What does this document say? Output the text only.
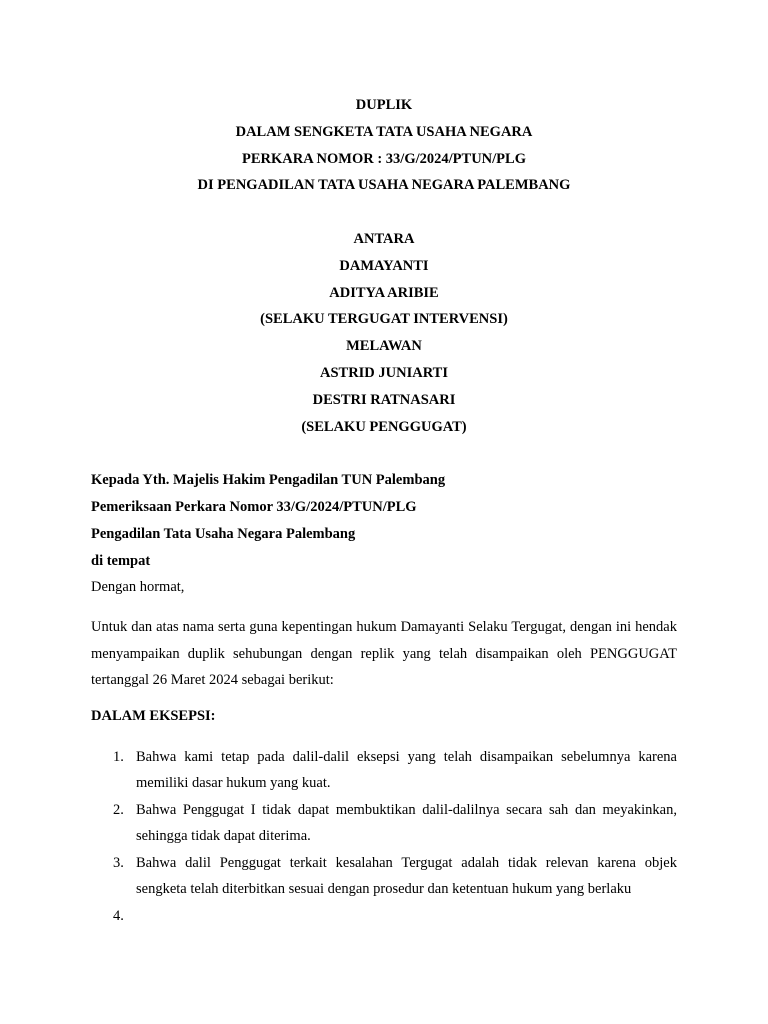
DUPLIK

DALAM SENGKETA TATA USAHA NEGARA

PERKARA NOMOR : 33/G/2024/PTUN/PLG

DI PENGADILAN TATA USAHA NEGARA PALEMBANG

ANTARA

DAMAYANTI

ADITYA ARIBIE

(SELAKU TERGUGAT INTERVENSI)

MELAWAN

ASTRID JUNIARTI

DESTRI RATNASARI

(SELAKU PENGGUGAT)

Kepada Yth. Majelis Hakim Pengadilan TUN Palembang

Pemeriksaan Perkara Nomor 33/G/2024/PTUN/PLG

Pengadilan Tata Usaha Negara Palembang

di tempat

Dengan hormat,

Untuk dan atas nama serta guna kepentingan hukum Damayanti Selaku Tergugat, dengan ini hendak menyampaikan duplik sehubungan dengan replik yang telah disampaikan oleh PENGGUGAT tertanggal 26 Maret 2024 sebagai berikut:

DALAM EKSEPSI:

1. Bahwa kami tetap pada dalil-dalil eksepsi yang telah disampaikan sebelumnya karena memiliki dasar hukum yang kuat.
2. Bahwa Penggugat I tidak dapat membuktikan dalil-dalilnya secara sah dan meyakinkan, sehingga tidak dapat diterima.
3. Bahwa dalil Penggugat terkait kesalahan Tergugat adalah tidak relevan karena objek sengketa telah diterbitkan sesuai dengan prosedur dan ketentuan hukum yang berlaku
4.
